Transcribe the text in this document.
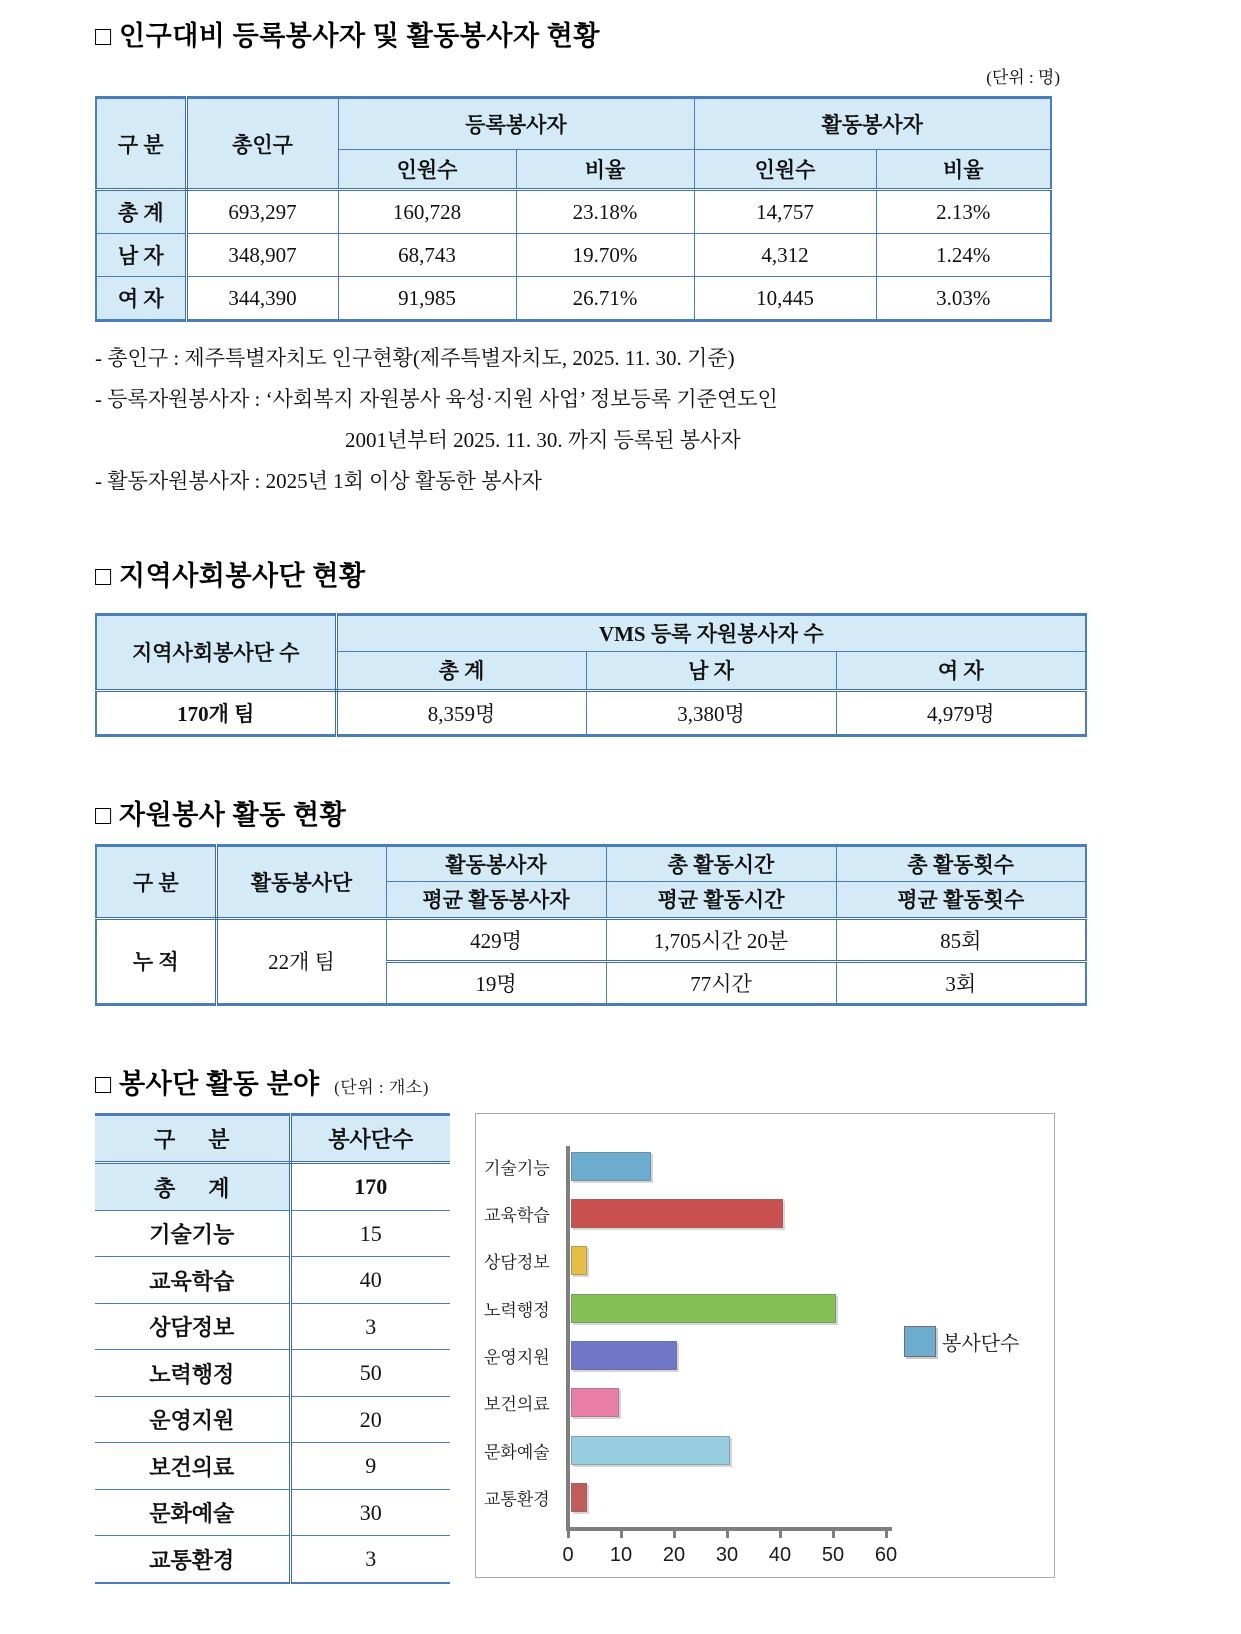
□ 인구대비 등록봉사자 및 활동봉사자 현황
(단위 : 명)
구 분	총인구	등록봉사자		활동봉사자	
		인원수	비율	인원수	비율
총 계	693,297	160,728	23.18%	14,757	2.13%
남 자	348,907	68,743	19.70%	4,312	1.24%
여 자	344,390	91,985	26.71%	10,445	3.03%
- 총인구 : 제주특별자치도 인구현황(제주특별자치도, 2025. 11. 30. 기준)
- 등록자원봉사자 : ‘사회복지 자원봉사 육성·지원 사업’ 정보등록 기준연도인
2001년부터 2025. 11. 30. 까지 등록된 봉사자
- 활동자원봉사자 : 2025년 1회 이상 활동한 봉사자
□ 지역사회봉사단 현황
지역사회봉사단 수	VMS 등록 자원봉사자 수		
	총 계	남 자	여 자
170개 팀	8,359명	3,380명	4,979명
□ 자원봉사 활동 현황
구 분	활동봉사단	활동봉사자	총 활동시간	총 활동횟수
		평균 활동봉사자	평균 활동시간	평균 활동횟수
누 적	22개 팀	429명	1,705시간 20분	85회
		19명	77시간	3회
□ 봉사단 활동 분야 (단위 : 개소)
구      분	봉사단수
총      계	170
기술기능	15
교육학습	40
상담정보	3
노력행정	50
운영지원	20
보건의료	9
문화예술	30
교통환경	3
기술기능
교육학습
상담정보
노력행정
운영지원
보건의료
문화예술
교통환경
0	10 20 30 40 50 60
봉사단수
